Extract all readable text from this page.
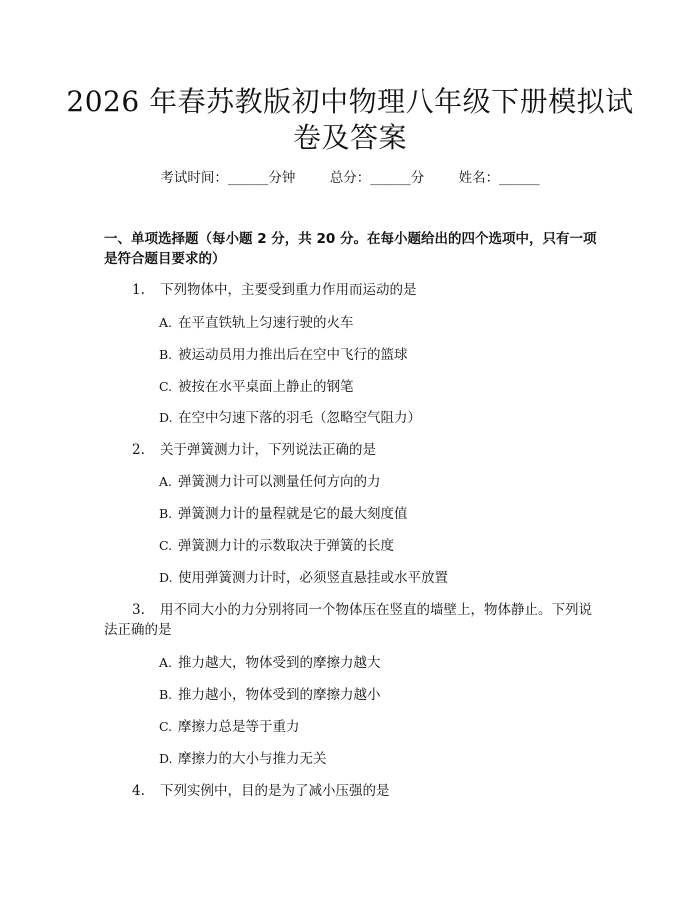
2026 年春苏教版初中物理八年级下册模拟试
卷及答案
考试时间：______分钟	总分：______分	姓名：______
一、单项选择题（每小题 2 分，共 20 分。在每小题给出的四个选项中，只有一项
是符合题目要求的）
1. 下列物体中，主要受到重力作用而运动的是
A. 在平直铁轨上匀速行驶的火车
B. 被运动员用力推出后在空中飞行的篮球
C. 被按在水平桌面上静止的钢笔
D. 在空中匀速下落的羽毛（忽略空气阻力）
2. 关于弹簧测力计，下列说法正确的是
A. 弹簧测力计可以测量任何方向的力
B. 弹簧测力计的量程就是它的最大刻度值
C. 弹簧测力计的示数取决于弹簧的长度
D. 使用弹簧测力计时，必须竖直悬挂或水平放置
3. 用不同大小的力分别将同一个物体压在竖直的墙壁上，物体静止。下列说
法正确的是
A. 推力越大，物体受到的摩擦力越大
B. 推力越小，物体受到的摩擦力越小
C. 摩擦力总是等于重力
D. 摩擦力的大小与推力无关
4. 下列实例中，目的是为了减小压强的是
